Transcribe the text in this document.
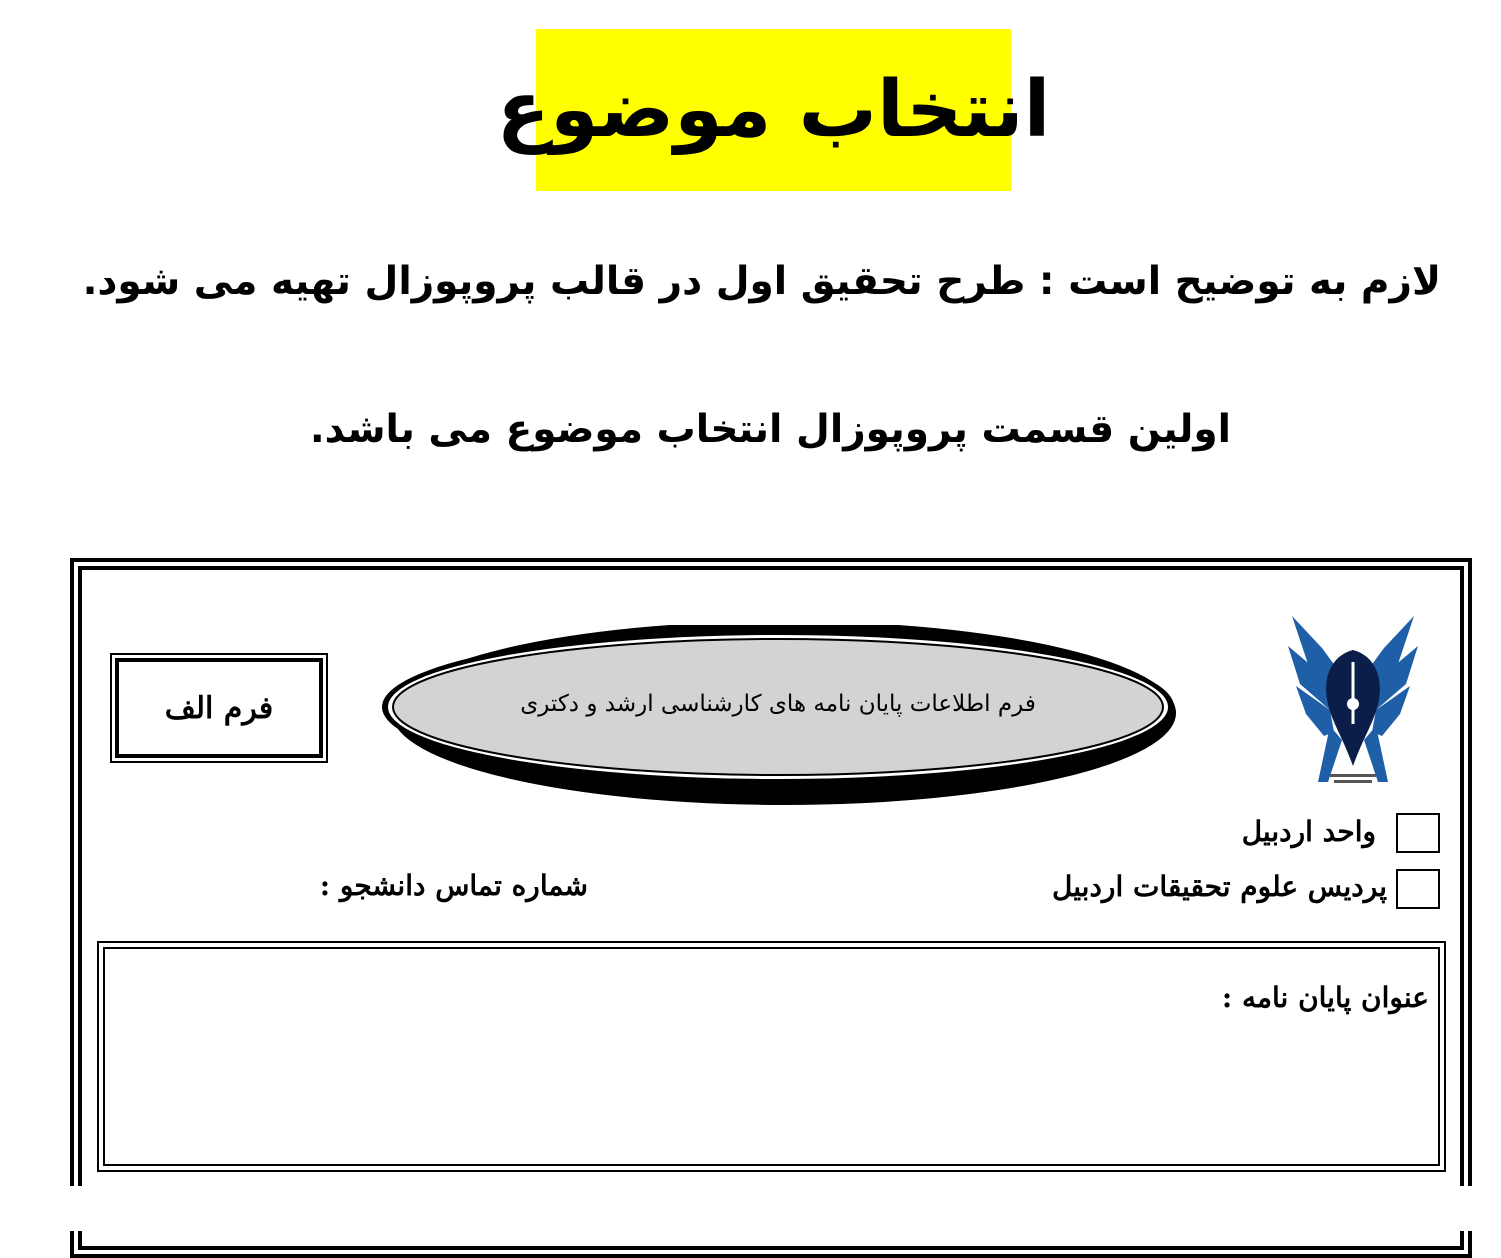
انتخاب موضوع
لازم به توضیح است : طرح تحقیق اول در قالب پروپوزال تهیه می شود.
اولین قسمت پروپوزال انتخاب موضوع می باشد.
فرم الف	فرم اطلاعات پایان نامه های کارشناسی ارشد و دکتری
واحد اردبیل
پردیس علوم تحقیقات اردبیل
شماره تماس دانشجو :
عنوان پایان نامه :
